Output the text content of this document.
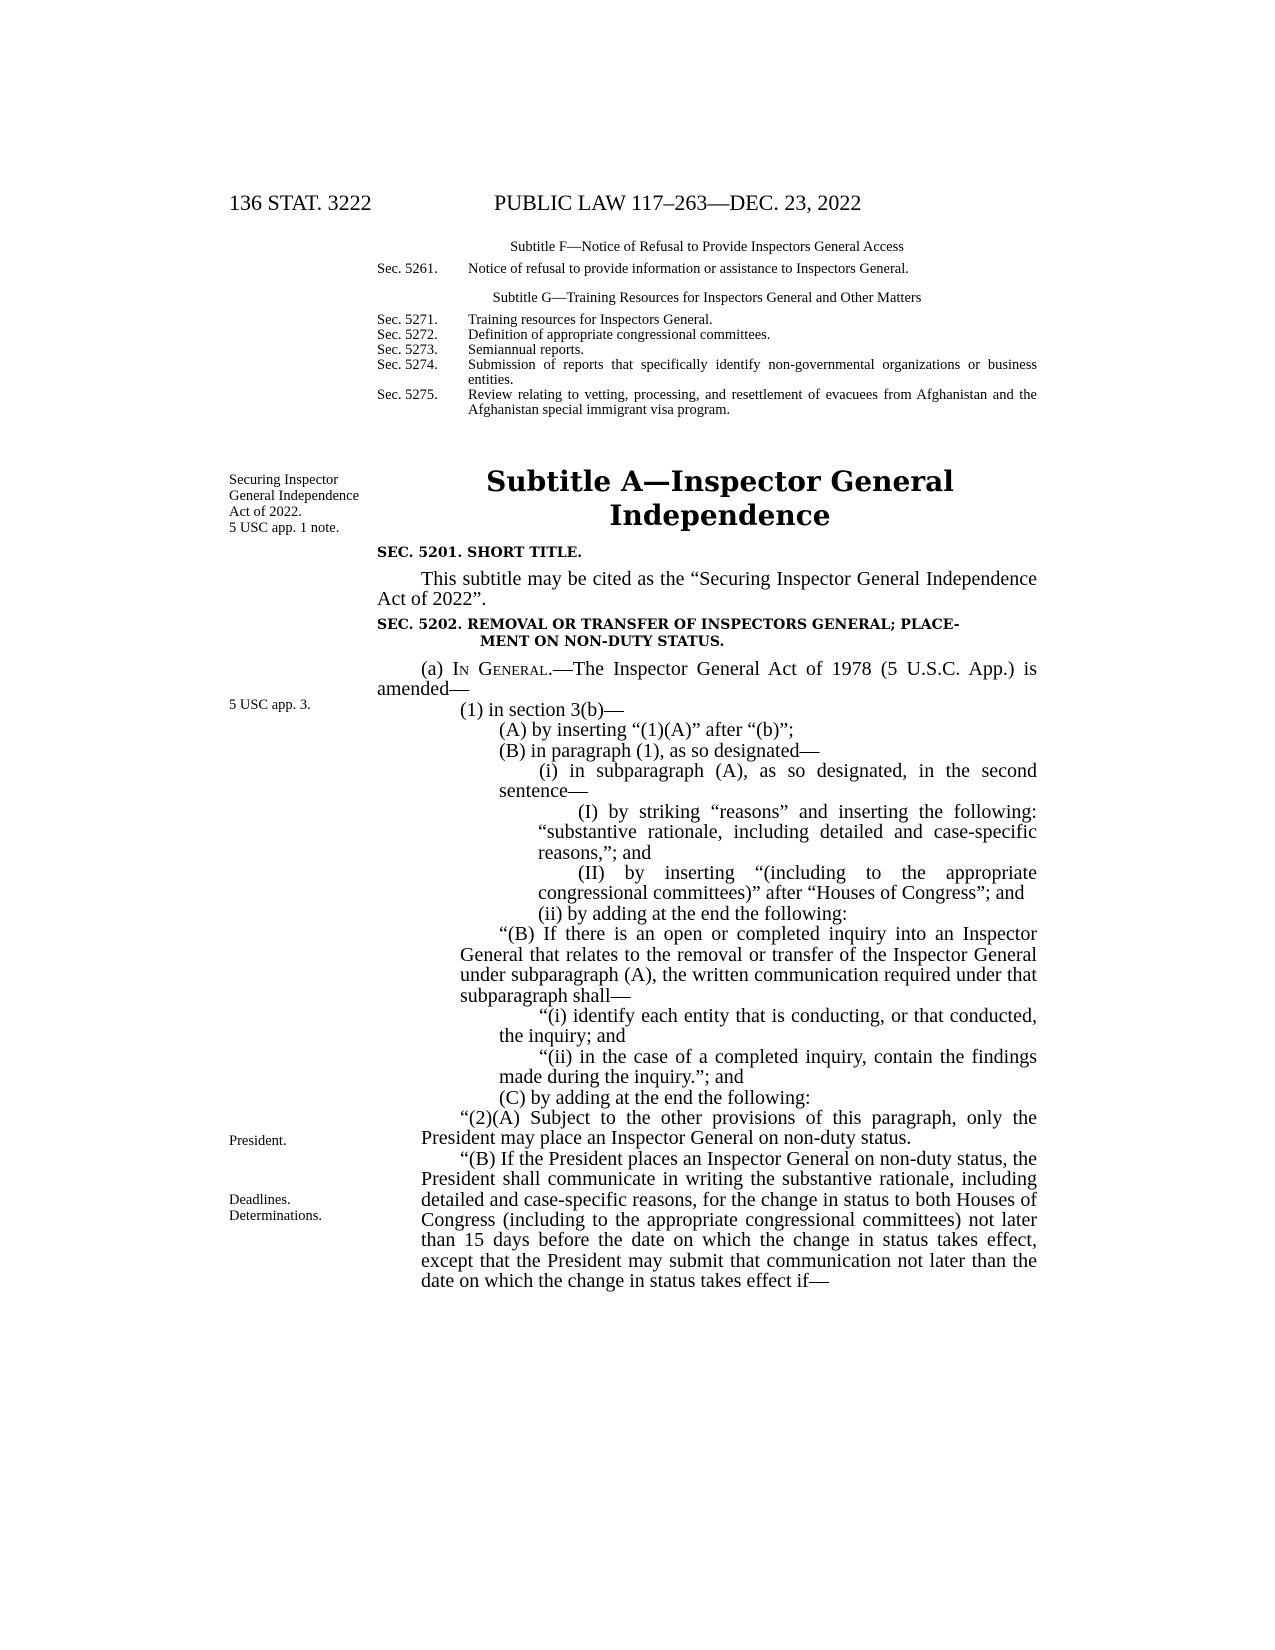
136 STAT. 3222	PUBLIC LAW 117–263—DEC. 23, 2022
Subtitle F—Notice of Refusal to Provide Inspectors General Access
Sec. 5261. Notice of refusal to provide information or assistance to Inspectors General.
Subtitle G—Training Resources for Inspectors General and Other Matters
Sec. 5271. Training resources for Inspectors General.
Sec. 5272. Definition of appropriate congressional committees.
Sec. 5273. Semiannual reports.
Sec. 5274. Submission of reports that specifically identify non-governmental organizations or business entities.
Sec. 5275. Review relating to vetting, processing, and resettlement of evacuees from Afghanistan and the Afghanistan special immigrant visa program.
Subtitle A—Inspector General
Independence
Securing Inspector General Independence Act of 2022.
5 USC app. 1 note.
5 USC app. 3.
President.
Deadlines.
Determinations.
SEC. 5201. SHORT TITLE.

This subtitle may be cited as the “Securing Inspector General Independence Act of 2022”.

SEC. 5202. REMOVAL OR TRANSFER OF INSPECTORS GENERAL; PLACE-
MENT ON NON-DUTY STATUS.

(a) In General.—The Inspector General Act of 1978 (5 U.S.C. App.) is amended—

(1) in section 3(b)—

(A) by inserting “(1)(A)” after “(b)”;

(B) in paragraph (1), as so designated—

(i) in subparagraph (A), as so designated, in the second sentence—

(I) by striking “reasons” and inserting the following: “substantive rationale, including detailed and case-specific reasons,”; and

(II) by inserting “(including to the appropriate congressional committees)” after “Houses of Congress”; and

(ii) by adding at the end the following:

“(B) If there is an open or completed inquiry into an Inspector General that relates to the removal or transfer of the Inspector General under subparagraph (A), the written communication required under that subparagraph shall—

“(i) identify each entity that is conducting, or that conducted, the inquiry; and

“(ii) in the case of a completed inquiry, contain the findings made during the inquiry.”; and

(C) by adding at the end the following:

“(2)(A) Subject to the other provisions of this paragraph, only the President may place an Inspector General on non-duty status.

“(B) If the President places an Inspector General on non-duty status, the President shall communicate in writing the substantive rationale, including detailed and case-specific reasons, for the change in status to both Houses of Congress (including to the appropriate congressional committees) not later than 15 days before the date on which the change in status takes effect, except that the President may submit that communication not later than the date on which the change in status takes effect if—
